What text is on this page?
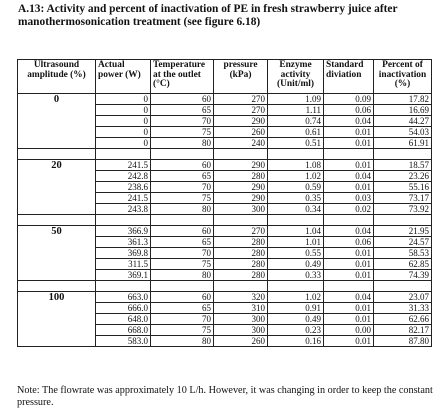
A.13: Activity and percent of inactivation of PE in fresh strawberry juice after manothermosonication treatment (see figure 6.18)
Ultrasound amplitude (%)	Actual power (W)	Temperature at the outlet (°C)	pressure (kPa)	Enzyme activity (Unit/ml)	Standard diviation	Percent of inactivation (%)
0	0	60	270	1.09	0.09	17.82
	0	65	270	1.11	0.06	16.69
	0	70	290	0.74	0.04	44.27
	0	75	260	0.61	0.01	54.03
	0	80	240	0.51	0.01	61.91

20	241.5	60	290	1.08	0.01	18.57
	242.8	65	280	1.02	0.04	23.26
	238.6	70	290	0.59	0.01	55.16
	241.5	75	290	0.35	0.03	73.17
	243.8	80	300	0.34	0.02	73.92

50	366.9	60	270	1.04	0.04	21.95
	361.3	65	280	1.01	0.06	24.57
	369.8	70	280	0.55	0.01	58.53
	311.5	75	280	0.49	0.01	62.85
	369.1	80	280	0.33	0.01	74.39

100	663.0	60	320	1.02	0.04	23.07
	666.0	65	310	0.91	0.01	31.33
	648.0	70	300	0.49	0.01	62.66
	668.0	75	300	0.23	0.00	82.17
	583.0	80	260	0.16	0.01	87.80
Note: The flowrate was approximately 10 L/h. However, it was changing in order to keep the constant pressure.
